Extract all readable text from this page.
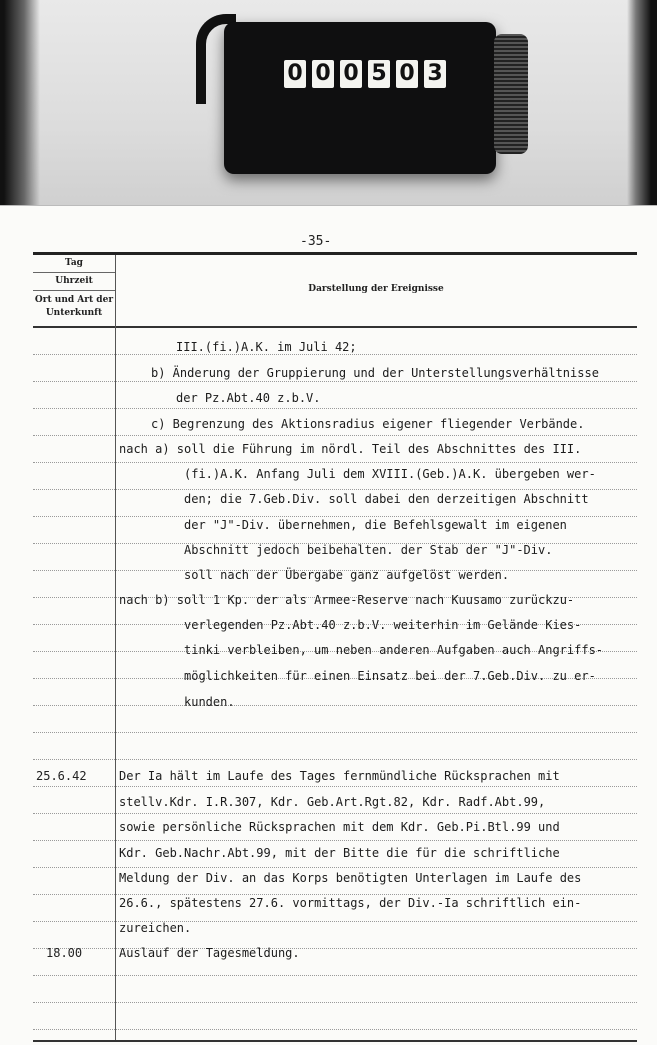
0 0 0 5 0 3
-35-
Tag
Uhrzeit
Ort und Art der
Unterkunft
Darstellung der Ereignisse
III.(fi.)A.K. im Juli 42;
b) Änderung der Gruppierung und der Unterstellungsverhältnisse
der Pz.Abt.40 z.b.V.
c) Begrenzung des Aktionsradius eigener fliegender Verbände.
nach a) soll die Führung im nördl. Teil des Abschnittes des III.
(fi.)A.K. Anfang Juli dem XVIII.(Geb.)A.K. übergeben wer-
den; die 7.Geb.Div. soll dabei den derzeitigen Abschnitt
der "J"-Div. übernehmen, die Befehlsgewalt im eigenen
Abschnitt jedoch beibehalten. der Stab der "J"-Div.
soll nach der Übergabe ganz aufgelöst werden.
nach b) soll 1 Kp. der als Armee-Reserve nach Kuusamo zurückzu-
verlegenden Pz.Abt.40 z.b.V. weiterhin im Gelände Kies-
tinki verbleiben, um neben anderen Aufgaben auch Angriffs-
möglichkeiten für einen Einsatz bei der 7.Geb.Div. zu er-
kunden.
25.6.42	Der Ia hält im Laufe des Tages fernmündliche Rücksprachen mit
stellv.Kdr. I.R.307, Kdr. Geb.Art.Rgt.82, Kdr. Radf.Abt.99,
sowie persönliche Rücksprachen mit dem Kdr. Geb.Pi.Btl.99 und
Kdr. Geb.Nachr.Abt.99, mit der Bitte die für die schriftliche
Meldung der Div. an das Korps benötigten Unterlagen im Laufe des
26.6., spätestens 27.6. vormittags, der Div.-Ia schriftlich ein-
zureichen.
18.00	Auslauf der Tagesmeldung.
